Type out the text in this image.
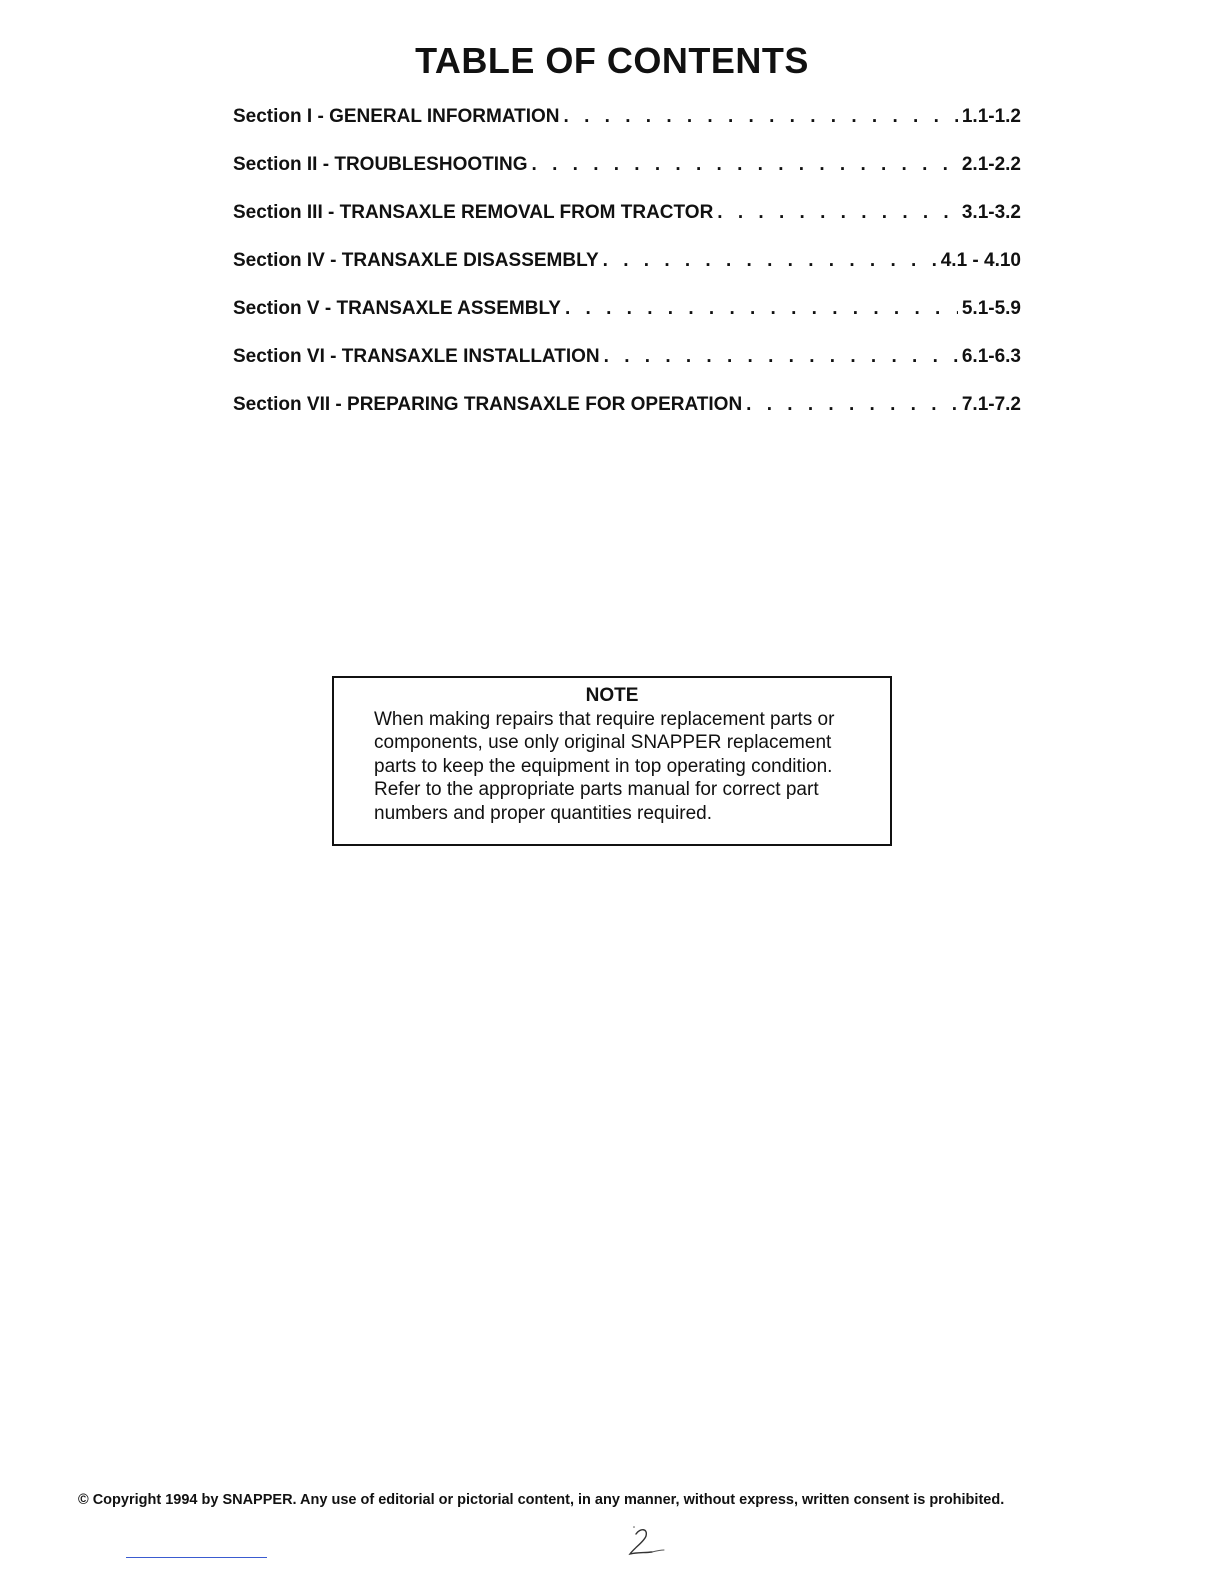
TABLE OF CONTENTS
Section I - GENERAL INFORMATION . . .	1.1-1.2
Section II - TROUBLESHOOTING . . .	2.1-2.2
Section III - TRANSAXLE REMOVAL FROM TRACTOR . . .	3.1-3.2
Section IV - TRANSAXLE DISASSEMBLY . . .	4.1 - 4.10
Section V - TRANSAXLE ASSEMBLY . . .	5.1-5.9
Section VI - TRANSAXLE INSTALLATION . . .	6.1-6.3
Section VII - PREPARING TRANSAXLE FOR OPERATION . . .	7.1-7.2

NOTE

When making repairs that require replacement parts or components, use only original SNAPPER replacement parts to keep the equipment in top operating condition. Refer to the appropriate parts manual for correct part numbers and proper quantities required.

© Copyright 1994 by SNAPPER. Any use of editorial or pictorial content, in any manner, without express, written consent is prohibited.
